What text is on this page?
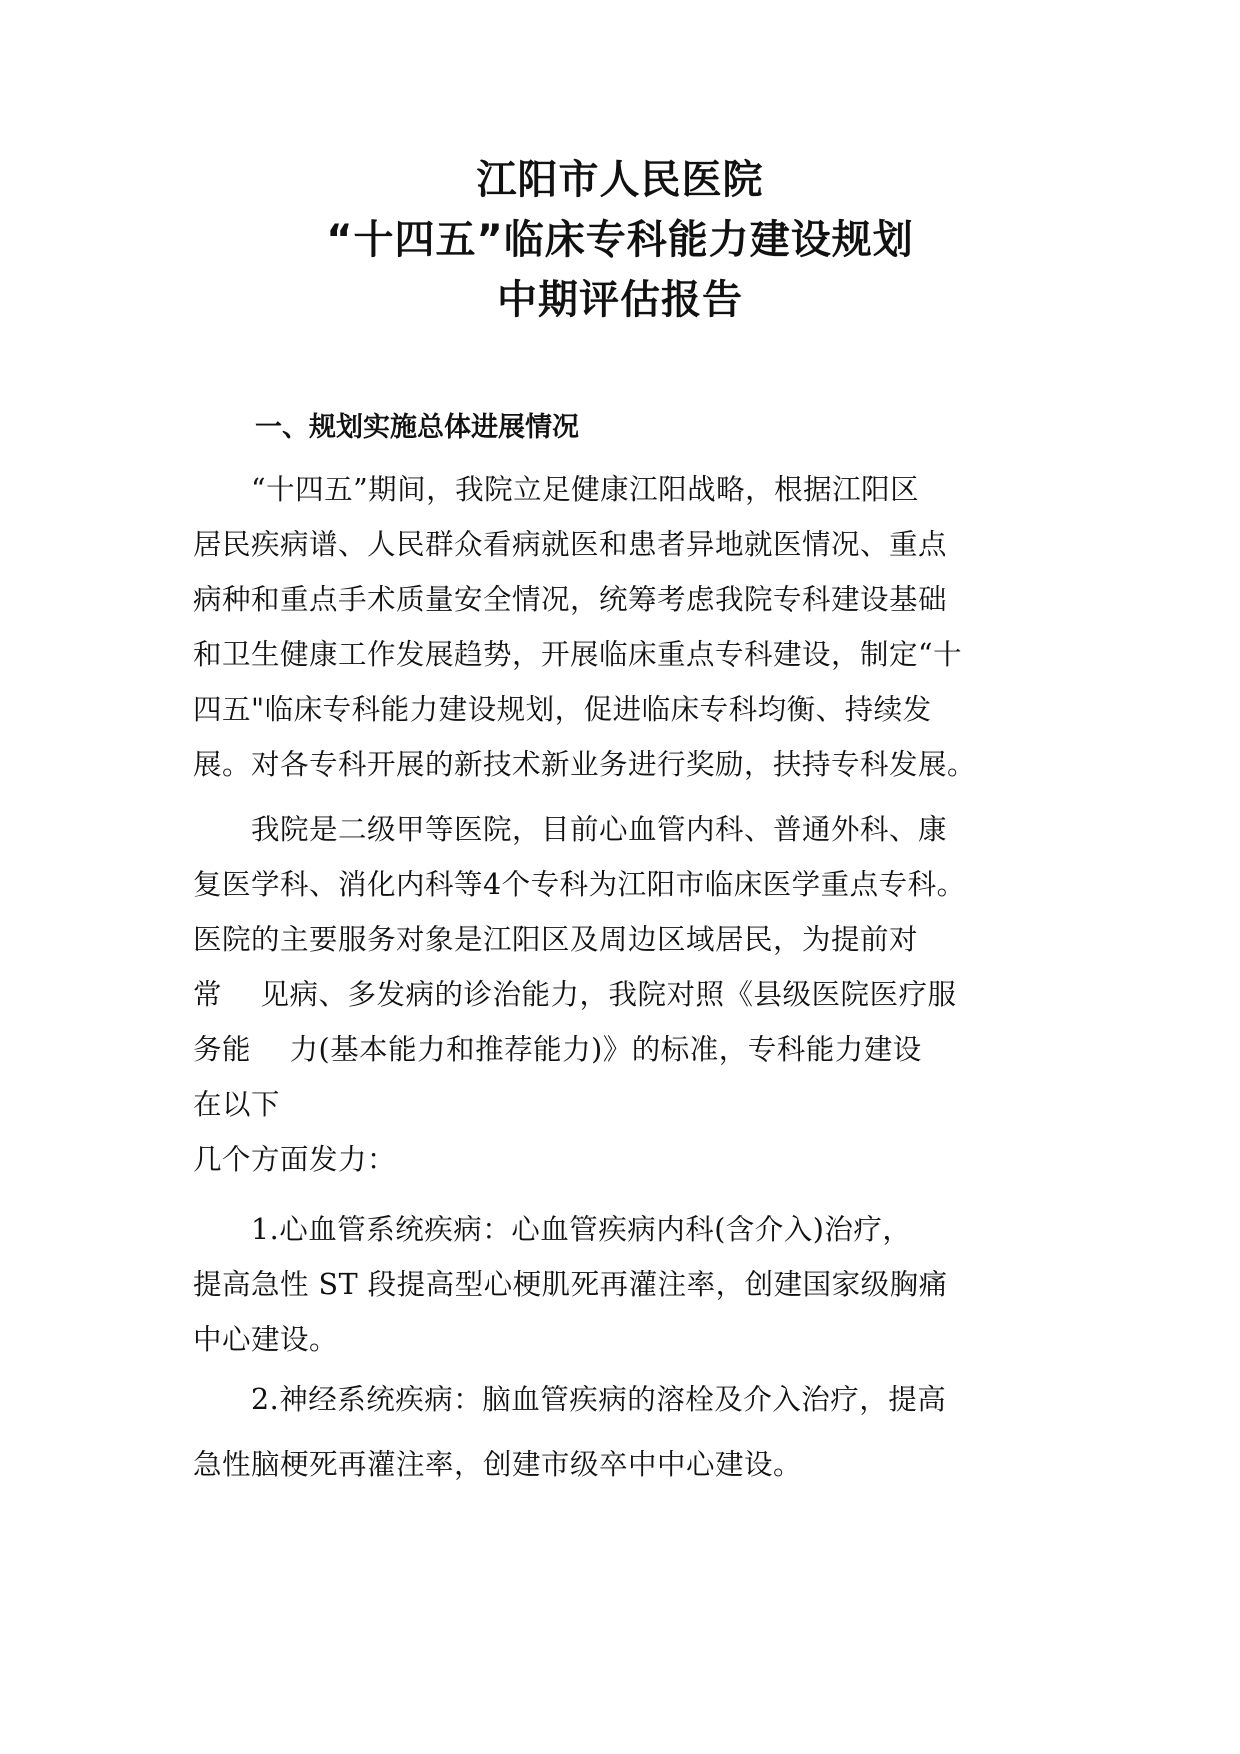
江阳市人民医院
“十四五”临床专科能力建设规划
中期评估报告
一、规划实施总体进展情况
　　“十四五”期间，我院立足健康江阳战略，根据江阳区
居民疾病谱、人民群众看病就医和患者异地就医情况、重点
病种和重点手术质量安全情况，统筹考虑我院专科建设基础
和卫生健康工作发展趋势，开展临床重点专科建设，制定“十
四五"临床专科能力建设规划，促进临床专科均衡、持续发
展。对各专科开展的新技术新业务进行奖励，扶持专科发展。
　　我院是二级甲等医院，目前心血管内科、普通外科、康
复医学科、消化内科等4个专科为江阳市临床医学重点专科。
医院的主要服务对象是江阳区及周边区域居民，为提前对
常　 见病、多发病的诊治能力，我院对照《县级医院医疗服
务能　 力(基本能力和推荐能力)》的标准，专科能力建设
在以下
几个方面发力：
　　1.心血管系统疾病：心血管疾病内科(含介入)治疗，
提高急性 ST 段提高型心梗肌死再灌注率，创建国家级胸痛
中心建设。
　　2.神经系统疾病：脑血管疾病的溶栓及介入治疗，提高
急性脑梗死再灌注率，创建市级卒中中心建设。
